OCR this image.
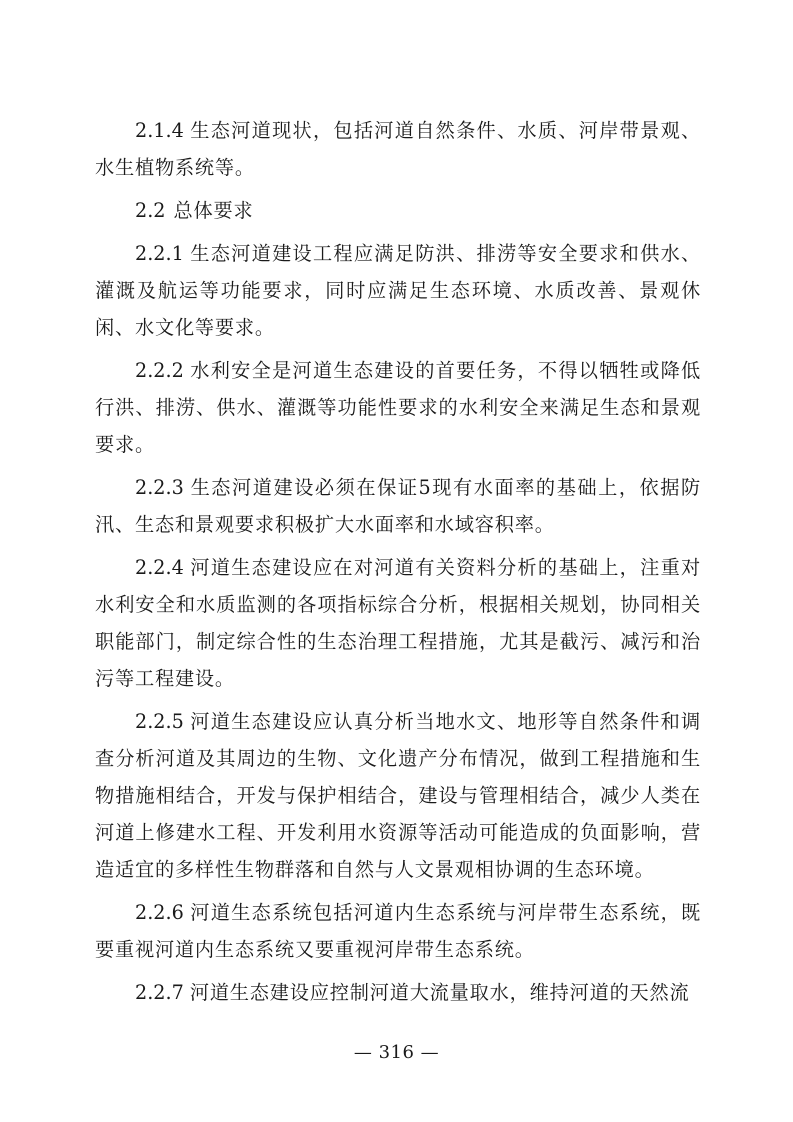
2.1.4 生态河道现状，包括河道自然条件、水质、河岸带景观、水生植物系统等。

2.2 总体要求

2.2.1 生态河道建设工程应满足防洪、排涝等安全要求和供水、灌溉及航运等功能要求，同时应满足生态环境、水质改善、景观休闲、水文化等要求。

2.2.2 水利安全是河道生态建设的首要任务，不得以牺牲或降低行洪、排涝、供水、灌溉等功能性要求的水利安全来满足生态和景观要求。

2.2.3 生态河道建设必须在保证5现有水面率的基础上，依据防汛、生态和景观要求积极扩大水面率和水域容积率。

2.2.4 河道生态建设应在对河道有关资料分析的基础上，注重对水利安全和水质监测的各项指标综合分析，根据相关规划，协同相关职能部门，制定综合性的生态治理工程措施，尤其是截污、减污和治污等工程建设。

2.2.5 河道生态建设应认真分析当地水文、地形等自然条件和调查分析河道及其周边的生物、文化遗产分布情况，做到工程措施和生物措施相结合，开发与保护相结合，建设与管理相结合，减少人类在河道上修建水工程、开发利用水资源等活动可能造成的负面影响，营造适宜的多样性生物群落和自然与人文景观相协调的生态环境。

2.2.6 河道生态系统包括河道内生态系统与河岸带生态系统，既要重视河道内生态系统又要重视河岸带生态系统。

2.2.7 河道生态建设应控制河道大流量取水，维持河道的天然流

— 316 —
